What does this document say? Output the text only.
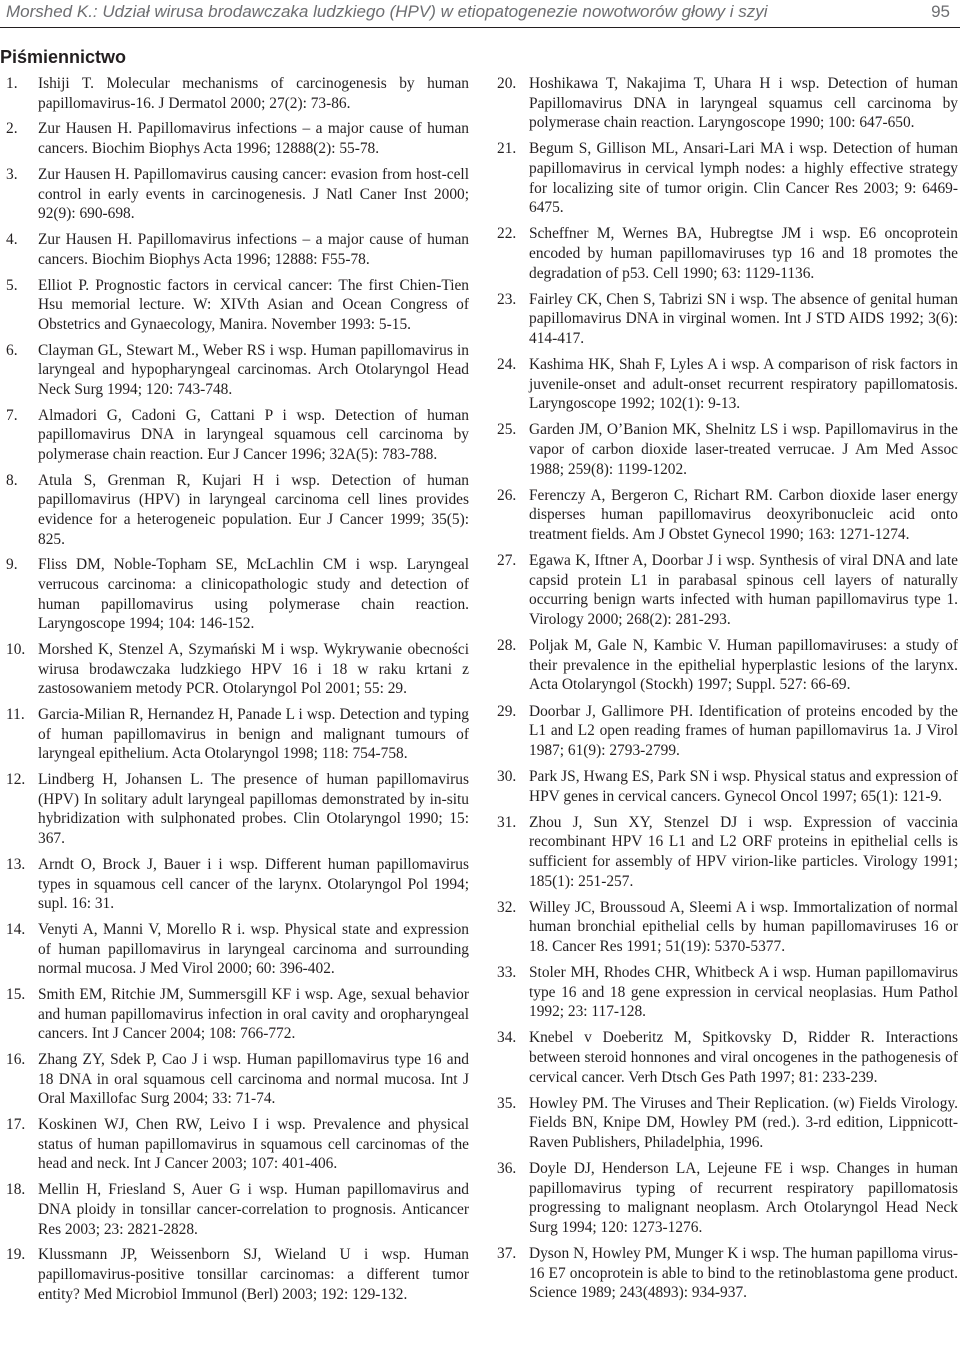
Morshed K.: Udział wirusa brodawczaka ludzkiego (HPV) w etiopatogenezie nowotworów głowy i szyi	95
Piśmiennictwo
1.	Ishiji T. Molecular mechanisms of carcinogenesis by human papillomavirus-16. J Dermatol 2000; 27(2): 73-86.
2.	Zur Hausen H. Papillomavirus infections – a major cause of human cancers. Biochim Biophys Acta 1996; 12888(2): 55-78.
3.	Zur Hausen H. Papillomavirus causing cancer: evasion from host-cell control in early events in carcinogenesis. J Natl Caner Inst 2000; 92(9): 690-698.
4.	Zur Hausen H. Papillomavirus infections – a major cause of human cancers. Biochim Biophys Acta 1996; 12888: F55-78.
5.	Elliot P. Prognostic factors in cervical cancer: The first Chien-Tien Hsu memorial lecture. W: XIVth Asian and Ocean Congress of Obstetrics and Gynaecology, Manira. November 1993: 5-15.
6.	Clayman GL, Stewart M., Weber RS i wsp. Human papillomavirus in laryngeal and hypopharyngeal carcinomas. Arch Otolaryngol Head Neck Surg 1994; 120: 743-748.
7.	Almadori G, Cadoni G, Cattani P i wsp. Detection of human papillomavirus DNA in laryngeal squamous cell carcinoma by polymerase chain reaction. Eur J Cancer 1996; 32A(5): 783-788.
8.	Atula S, Grenman R, Kujari H i wsp. Detection of human papillomavirus (HPV) in laryngeal carcinoma cell lines provides evidence for a heterogeneic population. Eur J Cancer 1999; 35(5): 825.
9.	Fliss DM, Noble-Topham SE, McLachlin CM i wsp. Laryngeal verrucous carcinoma: a clinicopathologic study and detection of human papillomavirus using polymerase chain reaction. Laryngoscope 1994; 104: 146-152.
10. Morshed K, Stenzel A, Szymański M i wsp. Wykrywanie obecności wirusa brodawczaka ludzkiego HPV 16 i 18 w raku krtani z zastosowaniem metody PCR. Otolaryngol Pol 2001; 55: 29.
11. Garcia-Milian R, Hernandez H, Panade L i wsp. Detection and typing of human papillomavirus in benign and malignant tumours of laryngeal epithelium. Acta Otolaryngol 1998; 118: 754-758.
12. Lindberg H, Johansen L. The presence of human papillomavirus (HPV) In solitary adult laryngeal papillomas demonstrated by in-situ hybridization with sulphonated probes. Clin Otolaryngol 1990; 15: 367.
13. Arndt O, Brock J, Bauer i i wsp. Different human papillomavirus types in squamous cell cancer of the larynx. Otolaryngol Pol 1994; supl. 16: 31.
14. Venyti A, Manni V, Morello R i. wsp. Physical state and expression of human papillomavirus in laryngeal carcinoma and surrounding normal mucosa. J Med Virol 2000; 60: 396-402.
15. Smith EM, Ritchie JM, Summersgill KF i wsp. Age, sexual behavior and human papillomavirus infection in oral cavity and oropharyngeal cancers. Int J Cancer 2004; 108: 766-772.
16. Zhang ZY, Sdek P, Cao J i wsp. Human papillomavirus type 16 and 18 DNA in oral squamous cell carcinoma and normal mucosa. Int J Oral Maxillofac Surg 2004; 33: 71-74.
17. Koskinen WJ, Chen RW, Leivo I i wsp. Prevalence and physical status of human papillomavirus in squamous cell carcinomas of the head and neck. Int J Cancer 2003; 107: 401-406.
18. Mellin H, Friesland S, Auer G i wsp. Human papillomavirus and DNA ploidy in tonsillar cancer-correlation to prognosis. Anticancer Res 2003; 23: 2821-2828.
19. Klussmann JP, Weissenborn SJ, Wieland U i wsp. Human papillomavirus-positive tonsillar carcinomas: a different tumor entity? Med Microbiol Immunol (Berl) 2003; 192: 129-132.
20. Hoshikawa T, Nakajima T, Uhara H i wsp. Detection of human Papillomavirus DNA in laryngeal squamus cell carcinoma by polymerase chain reaction. Laryngoscope 1990; 100: 647-650.
21. Begum S, Gillison ML, Ansari-Lari MA i wsp. Detection of human papillomavirus in cervical lymph nodes: a highly effective strategy for localizing site of tumor origin. Clin Cancer Res 2003; 9: 6469-6475.
22. Scheffner M, Wernes BA, Hubregtse JM i wsp. E6 oncoprotein encoded by human papillomaviruses typ 16 and 18 promotes the degradation of p53. Cell 1990; 63: 1129-1136.
23. Fairley CK, Chen S, Tabrizi SN i wsp. The absence of genital human papillomavirus DNA in virginal women. Int J STD AIDS 1992; 3(6): 414-417.
24. Kashima HK, Shah F, Lyles A i wsp. A comparison of risk factors in juvenile-onset and adult-onset recurrent respiratory papillomatosis. Laryngoscope 1992; 102(1): 9-13.
25. Garden JM, O’Banion MK, Shelnitz LS i wsp. Papillomavirus in the vapor of carbon dioxide laser-treated verrucae. J Am Med Assoc 1988; 259(8): 1199-1202.
26. Ferenczy A, Bergeron C, Richart RM. Carbon dioxide laser energy disperses human papillomavirus deoxyribonucleic acid onto treatment fields. Am J Obstet Gynecol 1990; 163: 1271-1274.
27. Egawa K, Iftner A, Doorbar J i wsp. Synthesis of viral DNA and late capsid protein L1 in parabasal spinous cell layers of naturally occurring benign warts infected with human papillomavirus type 1. Virology 2000; 268(2): 281-293.
28. Poljak M, Gale N, Kambic V. Human papillomaviruses: a study of their prevalence in the epithelial hyperplastic lesions of the larynx. Acta Otolaryngol (Stockh) 1997; Suppl. 527: 66-69.
29. Doorbar J, Gallimore PH. Identification of proteins encoded by the L1 and L2 open reading frames of human papillomavirus 1a. J Virol 1987; 61(9): 2793-2799.
30. Park JS, Hwang ES, Park SN i wsp. Physical status and expression of HPV genes in cervical cancers. Gynecol Oncol 1997; 65(1): 121-9.
31. Zhou J, Sun XY, Stenzel DJ i wsp. Expression of vaccinia recombinant HPV 16 L1 and L2 ORF proteins in epithelial cells is sufficient for assembly of HPV virion-like particles. Virology 1991; 185(1): 251-257.
32. Willey JC, Broussoud A, Sleemi A i wsp. Immortalization of normal human bronchial epithelial cells by human papillomaviruses 16 or 18. Cancer Res 1991; 51(19): 5370-5377.
33. Stoler MH, Rhodes CHR, Whitbeck A i wsp. Human papillomavirus type 16 and 18 gene expression in cervical neoplasias. Hum Pathol 1992; 23: 117-128.
34. Knebel v Doeberitz M, Spitkovsky D, Ridder R. Interactions between steroid honnones and viral oncogenes in the pathogenesis of cervical cancer. Verh Dtsch Ges Path 1997; 81: 233-239.
35. Howley PM. The Viruses and Their Replication. (w) Fields Virology. Fields BN, Knipe DM, Howley PM (red.). 3-rd edition, Lippnicott-Raven Publishers, Philadelphia, 1996.
36. Doyle DJ, Henderson LA, Lejeune FE i wsp. Changes in human papillomavirus typing of recurrent respiratory papillomatosis progressing to malignant neoplasm. Arch Otolaryngol Head Neck Surg 1994; 120: 1273-1276.
37. Dyson N, Howley PM, Munger K i wsp. The human papilloma virus-16 E7 oncoprotein is able to bind to the retinoblastoma gene product. Science 1989; 243(4893): 934-937.
